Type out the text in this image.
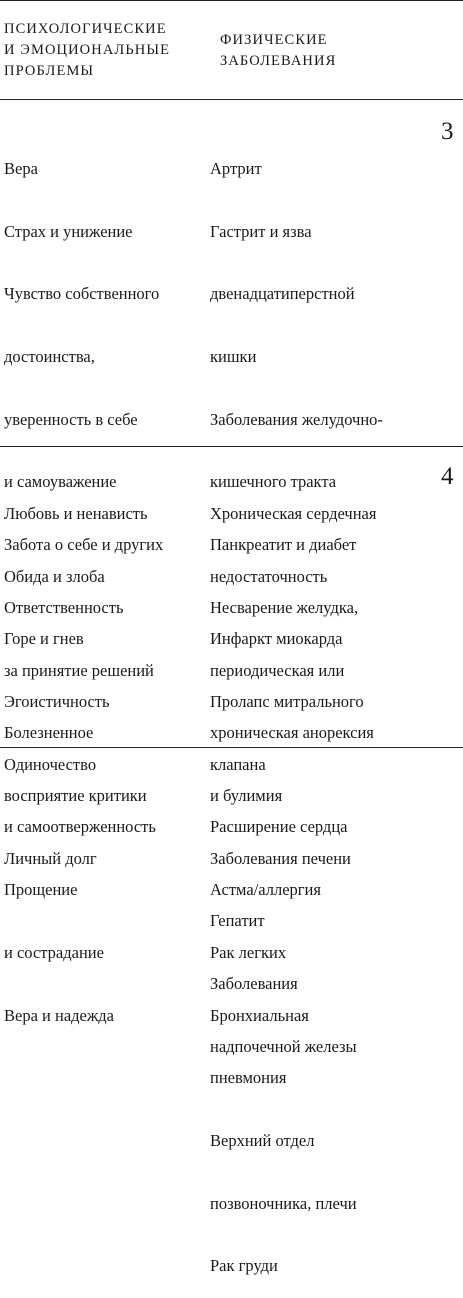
ПСИХОЛОГИЧЕСКИЕ
И ЭМОЦИОНАЛЬНЫЕ
ПРОБЛЕМЫ
ФИЗИЧЕСКИЕ
ЗАБОЛЕВАНИЯ

Вера

Страх и унижение

Чувство собственного

достоинства,

уверенность в себе

и самоуважение

Забота о себе и других

Ответственность

за принятие решений

Болезненное

восприятие критики

Личный долг

Артрит

Гастрит и язва

двенадцатиперстной

кишки

Заболевания желудочно-

кишечного тракта

Панкреатит и диабет

Несварение желудка,

периодическая или

хроническая анорексия

и булимия

Заболевания печени

Гепатит

Заболевания

надпочечной железы

3

Любовь и ненависть

Обида и злоба

Горе и гнев

Эгоистичность

Одиночество

и самоотверженность

Прощение

и сострадание

Вера и надежда

Хроническая сердечная

недостаточность

Инфаркт миокарда

Пролапс митрального

клапана

Расширение сердца

Астма/аллергия

Рак легких

Бронхиальная

пневмония

Верхний отдел

позвоночника, плечи

Рак груди

4
